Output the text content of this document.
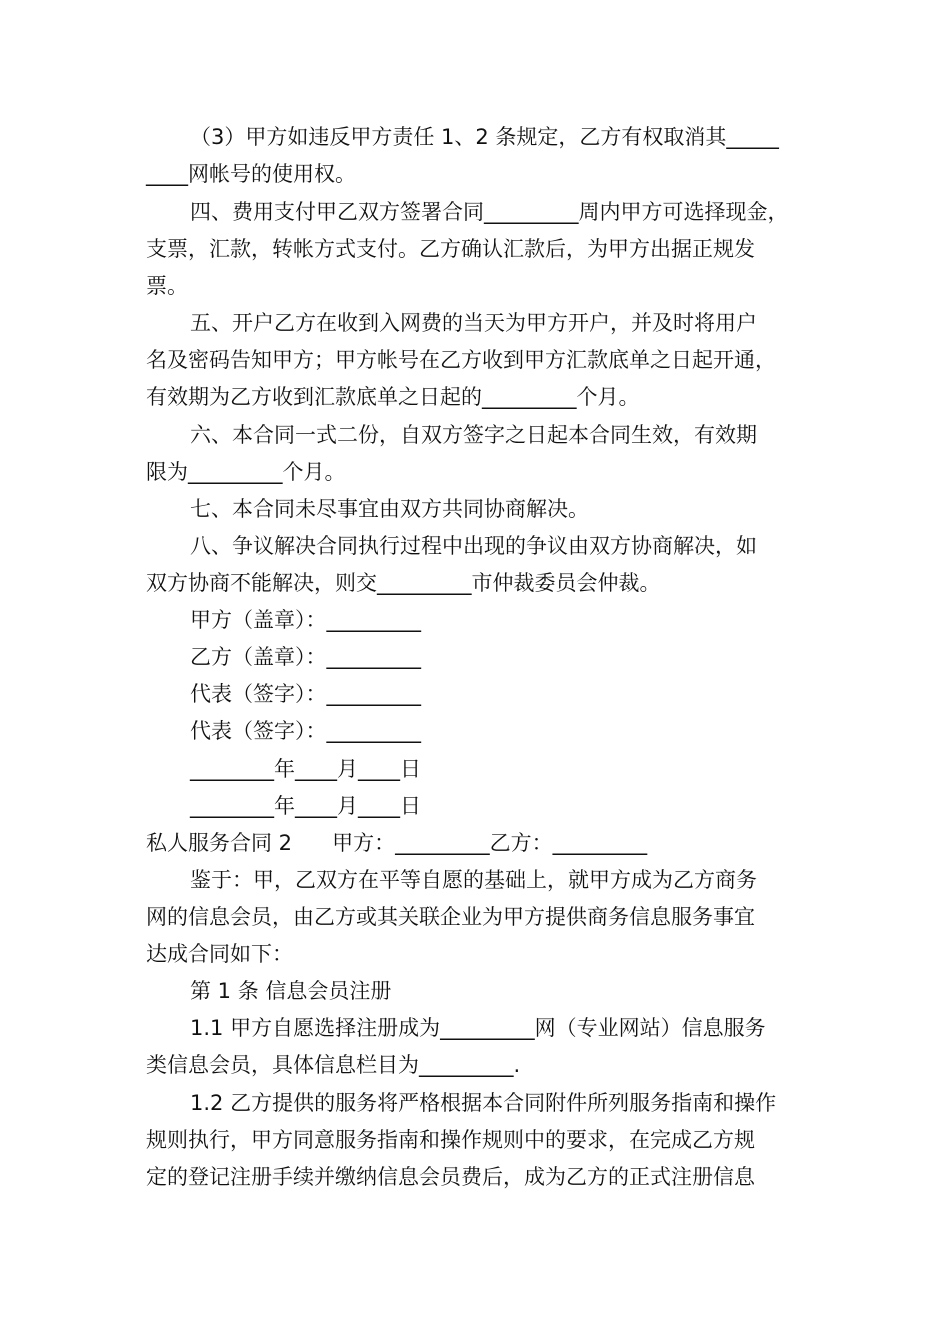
（3）甲方如违反甲方责任 1、2 条规定，乙方有权取消其_____
____网帐号的使用权。
四、费用支付甲乙双方签署合同_________周内甲方可选择现金，
支票，汇款，转帐方式支付。乙方确认汇款后，为甲方出据正规发
票。
五、开户乙方在收到入网费的当天为甲方开户，并及时将用户
名及密码告知甲方；甲方帐号在乙方收到甲方汇款底单之日起开通，
有效期为乙方收到汇款底单之日起的_________个月。
六、本合同一式二份，自双方签字之日起本合同生效，有效期
限为_________个月。
七、本合同未尽事宜由双方共同协商解决。
八、争议解决合同执行过程中出现的争议由双方协商解决，如
双方协商不能解决，则交_________市仲裁委员会仲裁。
甲方（盖章）：_________
乙方（盖章）：_________
代表（签字）：_________
代表（签字）：_________
________年____月____日
________年____月____日
私人服务合同 2      甲方：_________乙方：_________
鉴于：甲，乙双方在平等自愿的基础上，就甲方成为乙方商务
网的信息会员，由乙方或其关联企业为甲方提供商务信息服务事宜
达成合同如下：
第 1 条 信息会员注册
1.1 甲方自愿选择注册成为_________网（专业网站）信息服务
类信息会员，具体信息栏目为_________.
1.2 乙方提供的服务将严格根据本合同附件所列服务指南和操作
规则执行，甲方同意服务指南和操作规则中的要求，在完成乙方规
定的登记注册手续并缴纳信息会员费后，成为乙方的正式注册信息
